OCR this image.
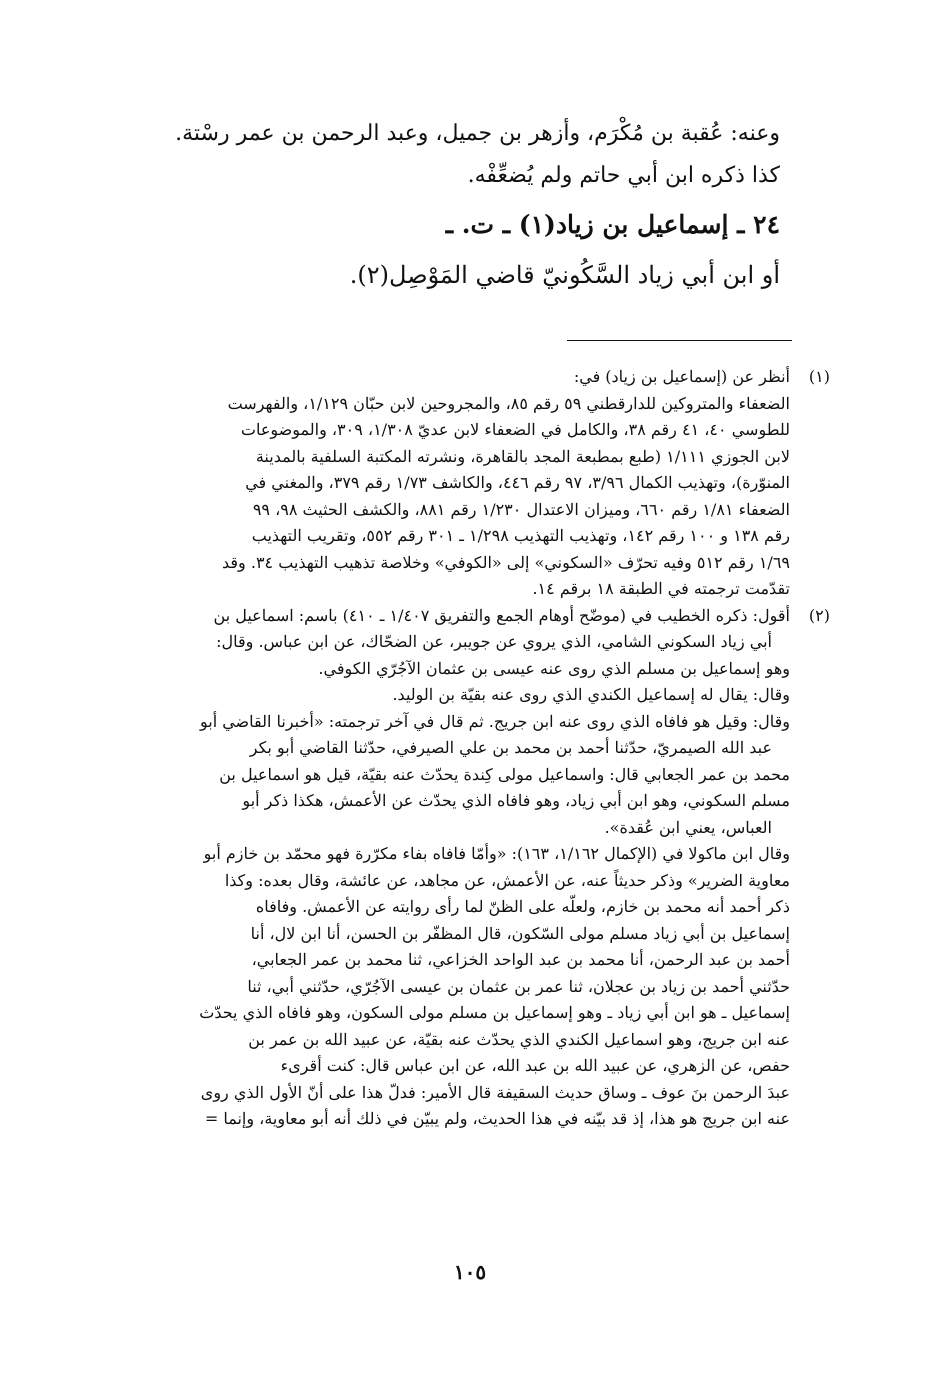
وعنه: عُقبة بن مُكْرَم، وأزهر بن جميل، وعبد الرحمن بن عمر رسْتة.
كذا ذكره ابن أبي حاتم ولم يُضعِّفْه.
٢٤ ـ إسماعيل بن زياد(١) ـ ت. ـ
أو ابن أبي زياد السَّكُونيّ قاضي المَوْصِل(٢).
(١)
أنظر عن (إسماعيل بن زياد) في:
الضعفاء والمتروكين للدارقطني ٥٩ رقم ٨٥، والمجروحين لابن حبّان ١/١٢٩، والفهرست
للطوسي ٤٠، ٤١ رقم ٣٨، والكامل في الضعفاء لابن عديّ ١/٣٠٨، ٣٠٩، والموضوعات
لابن الجوزي ١/١١١ (طبع بمطبعة المجد بالقاهرة، ونشرته المكتبة السلفية بالمدينة
المنوّرة)، وتهذيب الكمال ٣/٩٦، ٩٧ رقم ٤٤٦، والكاشف ١/٧٣ رقم ٣٧٩، والمغني في
الضعفاء ١/٨١ رقم ٦٦٠، وميزان الاعتدال ١/٢٣٠ رقم ٨٨١، والكشف الحثيث ٩٨، ٩٩
رقم ١٣٨ و ١٠٠ رقم ١٤٢، وتهذيب التهذيب ١/٢٩٨ ـ ٣٠١ رقم ٥٥٢، وتقريب التهذيب
١/٦٩ رقم ٥١٢ وفيه تحرّف «السكوني» إلى «الكوفي» وخلاصة تذهيب التهذيب ٣٤. وقد
تقدّمت ترجمته في الطبقة ١٨ برقم ١٤.
(٢)
أقول: ذكره الخطيب في (موضّح أوهام الجمع والتفريق ١/٤٠٧ ـ ٤١٠) باسم: اسماعيل بن
أبي زياد السكوني الشامي، الذي يروي عن جويبر، عن الضحّاك، عن ابن عباس. وقال:
وهو إسماعيل بن مسلم الذي روى عنه عيسى بن عثمان الآجُرّي الكوفي.
وقال: يقال له إسماعيل الكندي الذي روى عنه بقيّة بن الوليد.
وقال: وقيل هو فافاه الذي روى عنه ابن جريج. ثم قال في آخر ترجمته: «أخبرنا القاضي أبو
عبد الله الصيمريّ، حدّثنا أحمد بن محمد بن علي الصيرفي، حدّثنا القاضي أبو بكر
محمد بن عمر الجعابي قال: واسماعيل مولى كِندة يحدّث عنه بقيّة، قيل هو اسماعيل بن
مسلم السكوني، وهو ابن أبي زياد، وهو فافاه الذي يحدّث عن الأعمش، هكذا ذكر أبو
العباس، يعني ابن عُقدة».
وقال ابن ماكولا في (الإكمال ١/١٦٢، ١٦٣): «وأمّا فافاه بفاء مكرّرة فهو محمّد بن خازم أبو
معاوية الضرير» وذكر حديثاً عنه، عن الأعمش، عن مجاهد، عن عائشة، وقال بعده: وكذا
ذكر أحمد أنه محمد بن خازم، ولعلّه على الظنّ لما رأى روايته عن الأعمش. وفافاه
إسماعيل بن أبي زياد مسلم مولى السّكون، قال المظفّر بن الحسن، أنا ابن لال، أنا
أحمد بن عبد الرحمن، أنا محمد بن عبد الواحد الخزاعي، ثنا محمد بن عمر الجعابي،
حدّثني أحمد بن زياد بن عجلان، ثنا عمر بن عثمان بن عيسى الآجُرّي، حدّثني أبي، ثنا
إسماعيل ـ هو ابن أبي زياد ـ وهو إسماعيل بن مسلم مولى السكون، وهو فافاه الذي يحدّث
عنه ابن جريج، وهو اسماعيل الكندي الذي يحدّث عنه بقيّة، عن عبيد الله بن عمر بن
حفص، عن الزهري، عن عبيد الله بن عبد الله، عن ابن عباس قال: كنت أقرىء
عبدَ الرحمن بنَ عوف ـ وساق حديث السقيفة قال الأمير: فدلّ هذا على أنّ الأول الذي روى
عنه ابن جريج هو هذا، إذ قد بيّنه في هذا الحديث، ولم يبيّن في ذلك أنه أبو معاوية، وإنما =
١٠٥
